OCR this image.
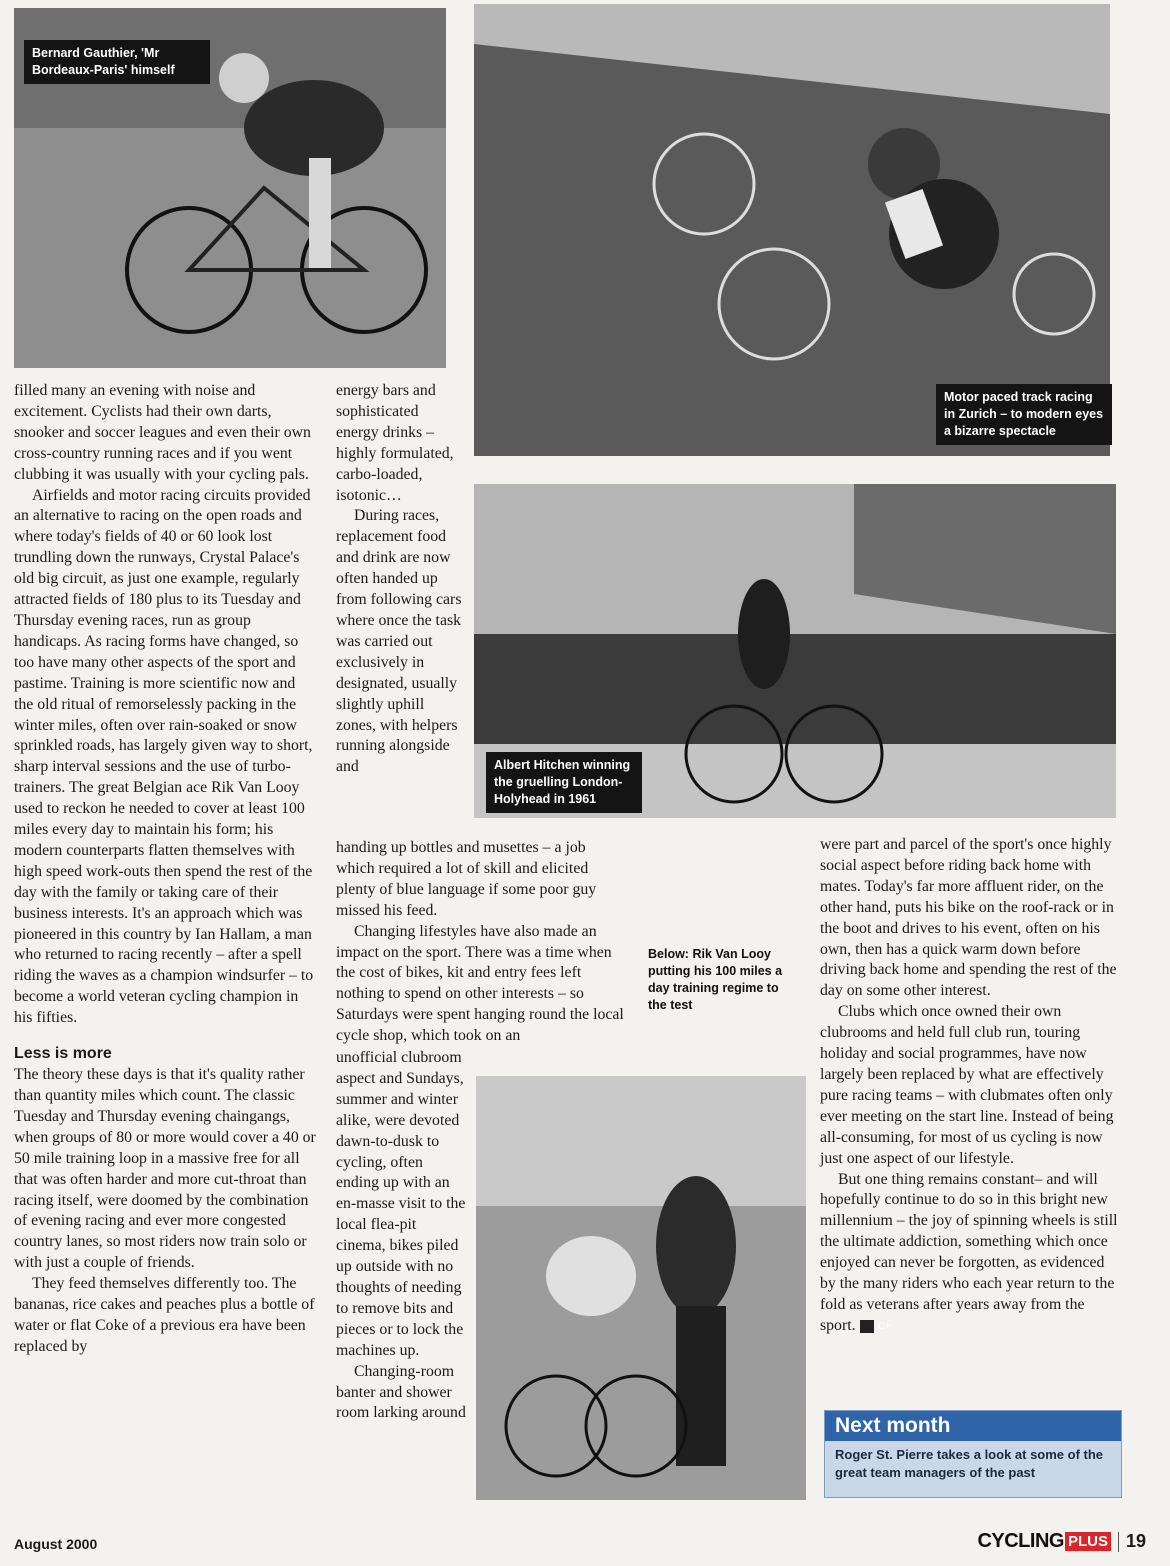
Bernard Gauthier, 'Mr Bordeaux-Paris' himself
Motor paced track racing in Zurich – to modern eyes a bizarre spectacle
Albert Hitchen winning the gruelling London-Holyhead in 1961
Below: Rik Van Looy putting his 100 miles a day training regime to the test

filled many an evening with noise and excitement. Cyclists had their own darts, snooker and soccer leagues and even their own cross-country running races and if you went clubbing it was usually with your cycling pals.

Airfields and motor racing circuits provided an alternative to racing on the open roads and where today's fields of 40 or 60 look lost trundling down the runways, Crystal Palace's old big circuit, as just one example, regularly attracted fields of 180 plus to its Tuesday and Thursday evening races, run as group handicaps. As racing forms have changed, so too have many other aspects of the sport and pastime. Training is more scientific now and the old ritual of remorselessly packing in the winter miles, often over rain-soaked or snow sprinkled roads, has largely given way to short, sharp interval sessions and the use of turbo-trainers. The great Belgian ace Rik Van Looy used to reckon he needed to cover at least 100 miles every day to maintain his form; his modern counterparts flatten themselves with high speed work-outs then spend the rest of the day with the family or taking care of their business interests. It's an approach which was pioneered in this country by Ian Hallam, a man who returned to racing recently – after a spell riding the waves as a champion windsurfer – to become a world veteran cycling champion in his fifties.

Less is more

The theory these days is that it's quality rather than quantity miles which count. The classic Tuesday and Thursday evening chaingangs, when groups of 80 or more would cover a 40 or 50 mile training loop in a massive free for all that was often harder and more cut-throat than racing itself, were doomed by the combination of evening racing and ever more congested country lanes, so most riders now train solo or with just a couple of friends.

They feed themselves differently too. The bananas, rice cakes and peaches plus a bottle of water or flat Coke of a previous era have been replaced by

energy bars and sophisticated energy drinks – highly formulated, carbo-loaded, isotonic…

During races, replacement food and drink are now often handed up from following cars where once the task was carried out exclusively in designated, usually slightly uphill zones, with helpers running alongside and

handing up bottles and musettes – a job which required a lot of skill and elicited plenty of blue language if some poor guy missed his feed.

Changing lifestyles have also made an impact on the sport. There was a time when the cost of bikes, kit and entry fees left nothing to spend on other interests – so Saturdays were spent hanging round the local cycle shop, which took on an

unofficial clubroom aspect and Sundays, summer and winter alike, were devoted dawn-to-dusk to cycling, often ending up with an en-masse visit to the local flea-pit cinema, bikes piled up outside with no thoughts of needing to remove bits and pieces or to lock the machines up.

Changing-room banter and shower room larking around

were part and parcel of the sport's once highly social aspect before riding back home with mates. Today's far more affluent rider, on the other hand, puts his bike on the roof-rack or in the boot and drives to his event, often on his own, then has a quick warm down before driving back home and spending the rest of the day on some other interest.

Clubs which once owned their own clubrooms and held full club run, touring holiday and social programmes, have now largely been replaced by what are effectively pure racing teams – with clubmates often only ever meeting on the start line. Instead of being all-consuming, for most of us cycling is now just one aspect of our lifestyle.

But one thing remains constant– and will hopefully continue to do so in this bright new millennium – the joy of spinning wheels is still the ultimate addiction, something which once enjoyed can never be forgotten, as evidenced by the many riders who each year return to the fold as veterans after years away from the sport. C+

Next month
Roger St. Pierre takes a look at some of the great team managers of the past
August 2000	CYCLING PLUS 19
